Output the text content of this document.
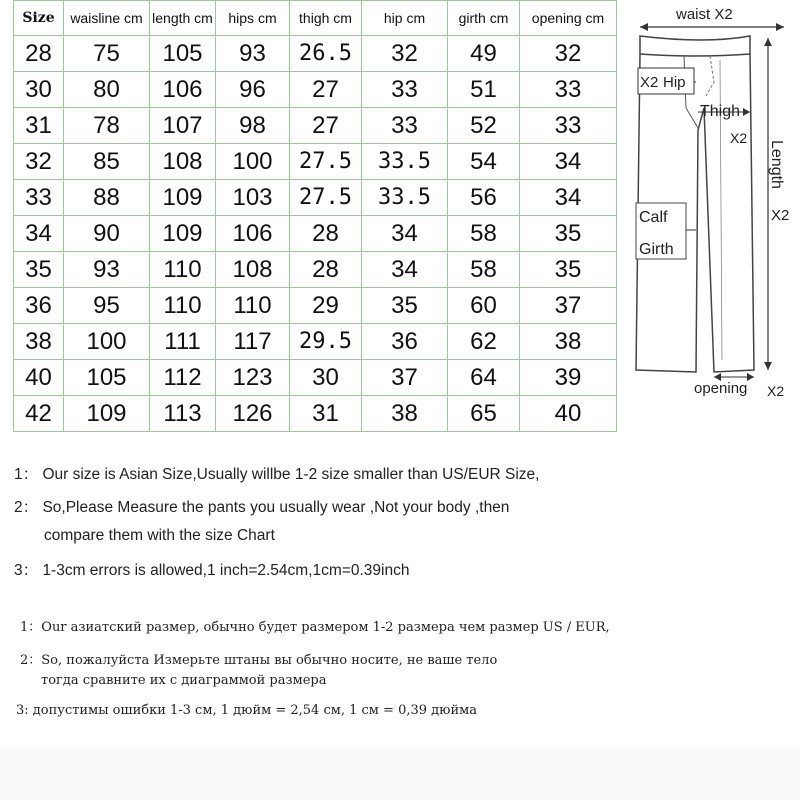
Size	waisline cm	length cm	hips cm	thigh cm	hip cm	girth cm	opening cm
28	75	105	93	26.5	32	49	32
30	80	106	96	27	33	51	33
31	78	107	98	27	33	52	33
32	85	108	100	27.5	33.5	54	34
33	88	109	103	27.5	33.5	56	34
34	90	109	106	28	34	58	35
35	93	110	108	28	34	58	35
36	95	110	110	29	35	60	37
38	100	111	117	29.5	36	62	38
40	105	112	123	30	37	64	39
42	109	113	126	31	38	65	40
waist X2
X2 Hip
Thigh
X2
Length
X2
Calf
Girth
opening X2
1： Our size is Asian Size,Usually willbe 1-2 size smaller than US/EUR Size,
2： So,Please Measure the pants you usually wear ,Not your body ,then
compare them with the size Chart
3： 1-3cm errors is allowed,1 inch=2.54cm,1cm=0.39inch
1：Our азиатский размер, обычно будет размером 1-2 размера чем размер US / EUR,
2：So, пожалуйста Измерьте штаны вы обычно носите, не ваше тело
тогда сравните их с диаграммой размера
3: допустимы ошибки 1-3 см, 1 дюйм = 2,54 см, 1 см = 0,39 дюйма
